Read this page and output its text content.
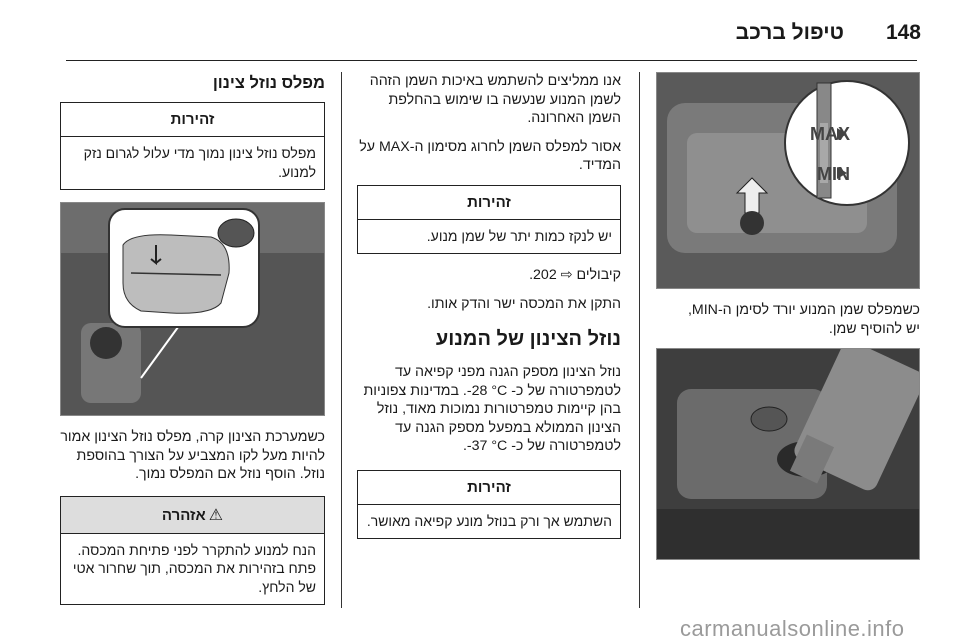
148
טיפול ברכב
MAX
MIN

כשמפלס שמן המנוע יורד לסימן ה-MIN,
יש להוסיף שמן.

אנו ממליצים להשתמש באיכות השמן הזהה לשמן המנוע שנעשה בו שימוש בהחלפת השמן האחרונה.

אסור למפלס השמן לחרוג מסימון ה-MAX על המדיד.

זהירות
יש לנקז כמות יתר של שמן מנוע.

קיבולים ⇨ 202.

התקן את המכסה ישר והדק אותו.

נוזל הצינון של המנוע

נוזל הצינון מספק הגנה מפני קפיאה עד לטמפרטורה של כ- ‎-28 °C. במדינות צפוניות בהן קיימות טמפרטורות נמוכות מאוד, נוזל הצינון הממולא במפעל מספק הגנה עד לטמפרטורה של כ- ‎-37 °C.

זהירות
השתמש אך ורק בנוזל מונע קפיאה מאושר.
מפלס נוזל צינון
זהירות
מפלס נוזל צינון נמוך מדי עלול לגרום נזק למנוע.

כשמערכת הצינון קרה, מפלס נוזל הצינון אמור להיות מעל לקו המצביע על הצורך בהוספת נוזל. הוסף נוזל אם המפלס נמוך.

⚠אזהרה
הנח למנוע להתקרר לפני פתיחת המכסה. פתח בזהירות את המכסה, תוך שחרור אטי של הלחץ.
carmanualsonline.info
